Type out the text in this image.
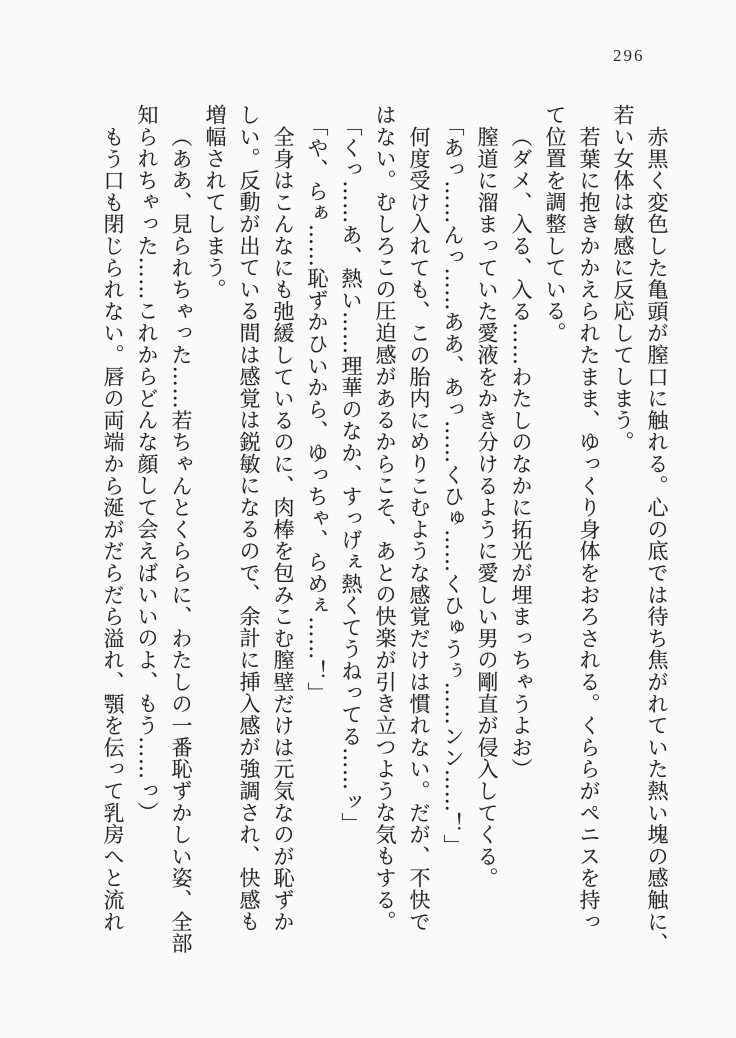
296
赤黒く変色した亀頭が膣口に触れる。心の底では待ち焦がれていた熱い塊の感触に、
若い女体は敏感に反応してしまう。
若葉に抱きかかえられたまま、ゆっくり身体をおろされる。くららがペニスを持っ
て位置を調整している。
（ダメ、入る、入る……わたしのなかに拓光が埋まっちゃうよお）
膣道に溜まっていた愛液をかき分けるように愛しい男の剛直が侵入してくる。
「あっ……んっ……ああ、あっ……くひゅ……くひゅうぅ……ンン……！」
何度受け入れても、この胎内にめりこむような感覚だけは慣れない。だが、不快で
はない。むしろこの圧迫感があるからこそ、あとの快楽が引き立つような気もする。
「くっ……あ、熱い……理華のなか、すっげぇ熱くてうねってる……ッ」
「や、らぁ……恥ずかひいから、ゆっちゃ、らめぇ……！」
全身はこんなにも弛緩しているのに、肉棒を包みこむ膣壁だけは元気なのが恥ずか
しい。反動が出ている間は感覚は鋭敏になるので、余計に挿入感が強調され、快感も
増幅されてしまう。
（ああ、見られちゃった……若ちゃんとくららに、わたしの一番恥ずかしい姿、全部
知られちゃった……これからどんな顔して会えばいいのよ、もう……っ）
もう口も閉じられない。唇の両端から涎がだらだら溢れ、顎を伝って乳房へと流れ
